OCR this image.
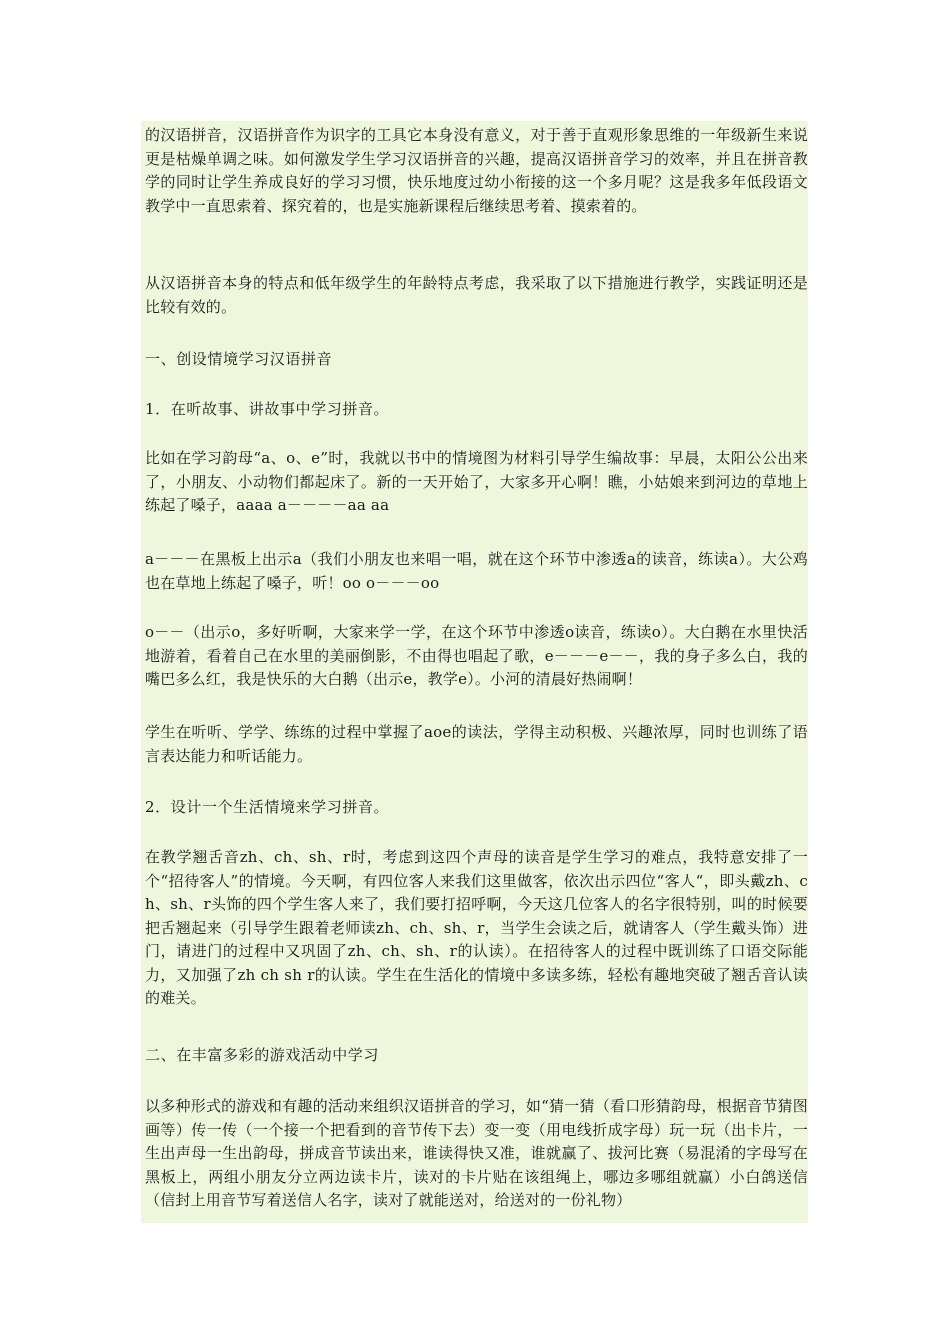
的汉语拼音，汉语拼音作为识字的工具它本身没有意义，对于善于直观形象思维的一年级新生来说更是枯燥单调之味。如何激发学生学习汉语拼音的兴趣，提高汉语拼音学习的效率，并且在拼音教学的同时让学生养成良好的学习习惯，快乐地度过幼小衔接的这一个多月呢？这是我多年低段语文教学中一直思索着、探究着的，也是实施新课程后继续思考着、摸索着的。

从汉语拼音本身的特点和低年级学生的年龄特点考虑，我采取了以下措施进行教学，实践证明还是比较有效的。

一、创设情境学习汉语拼音

1．在听故事、讲故事中学习拼音。

比如在学习韵母“a、o、e”时，我就以书中的情境图为材料引导学生编故事：早晨，太阳公公出来了，小朋友、小动物们都起床了。新的一天开始了，大家多开心啊！瞧，小姑娘来到河边的草地上练起了嗓子，aaaa a－－－－aa aa

a－－－在黑板上出示a（我们小朋友也来唱一唱，就在这个环节中渗透a的读音，练读a）。大公鸡也在草地上练起了嗓子，听！oo o－－－oo

o－－（出示o，多好听啊，大家来学一学，在这个环节中渗透o读音，练读o）。大白鹅在水里快活地游着，看着自己在水里的美丽倒影，不由得也唱起了歌，e－－－e－－，我的身子多么白，我的嘴巴多么红，我是快乐的大白鹅（出示e，教学e）。小河的清晨好热闹啊！

学生在听听、学学、练练的过程中掌握了aoe的读法，学得主动积极、兴趣浓厚，同时也训练了语言表达能力和听话能力。

2．设计一个生活情境来学习拼音。

在教学翘舌音zh、ch、sh、r时，考虑到这四个声母的读音是学生学习的难点，我特意安排了一个“招待客人”的情境。今天啊，有四位客人来我们这里做客，依次出示四位“客人“，即头戴zh、ch、sh、r头饰的四个学生客人来了，我们要打招呼啊，今天这几位客人的名字很特别，叫的时候要把舌翘起来（引导学生跟着老师读zh、ch、sh、r，当学生会读之后，就请客人（学生戴头饰）进门，请进门的过程中又巩固了zh、ch、sh、r的认读）。在招待客人的过程中既训练了口语交际能力，又加强了zh ch sh r的认读。学生在生活化的情境中多读多练，轻松有趣地突破了翘舌音认读的难关。

二、在丰富多彩的游戏活动中学习

以多种形式的游戏和有趣的活动来组织汉语拼音的学习，如“猜一猜（看口形猜韵母，根据音节猜图画等）传一传（一个接一个把看到的音节传下去）变一变（用电线折成字母）玩一玩（出卡片，一生出声母一生出韵母，拼成音节读出来，谁读得快又准，谁就赢了、拔河比赛（易混淆的字母写在黑板上，两组小朋友分立两边读卡片，读对的卡片贴在该组绳上，哪边多哪组就赢）小白鸽送信（信封上用音节写着送信人名字，读对了就能送对，给送对的一份礼物）
